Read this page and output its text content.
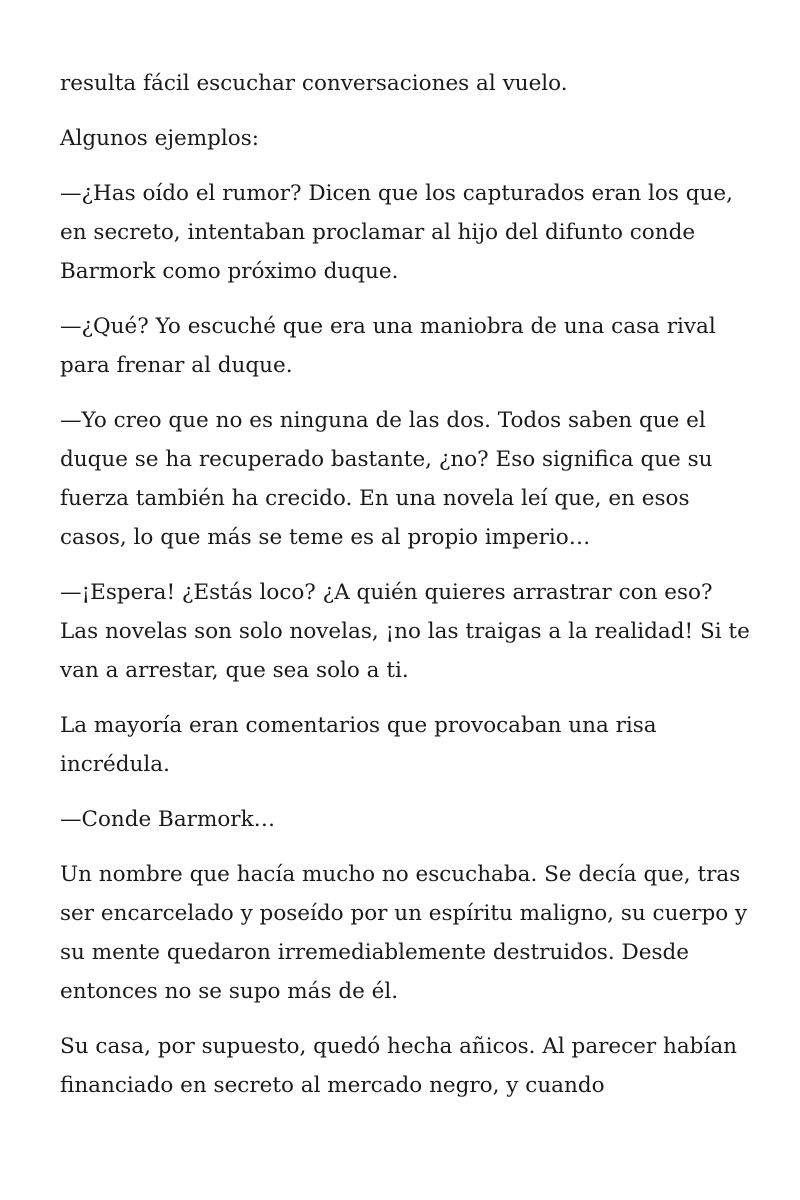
resulta fácil escuchar conversaciones al vuelo.

Algunos ejemplos:

—¿Has oído el rumor? Dicen que los capturados eran los que, en secreto, intentaban proclamar al hijo del difunto conde Barmork como próximo duque.

—¿Qué? Yo escuché que era una maniobra de una casa rival para frenar al duque.

—Yo creo que no es ninguna de las dos. Todos saben que el duque se ha recuperado bastante, ¿no? Eso significa que su fuerza también ha crecido. En una novela leí que, en esos casos, lo que más se teme es al propio imperio…

—¡Espera! ¿Estás loco? ¿A quién quieres arrastrar con eso? Las novelas son solo novelas, ¡no las traigas a la realidad! Si te van a arrestar, que sea solo a ti.

La mayoría eran comentarios que provocaban una risa incrédula.

—Conde Barmork…

Un nombre que hacía mucho no escuchaba. Se decía que, tras ser encarcelado y poseído por un espíritu maligno, su cuerpo y su mente quedaron irremediablemente destruidos. Desde entonces no se supo más de él.

Su casa, por supuesto, quedó hecha añicos. Al parecer habían financiado en secreto al mercado negro, y cuando
